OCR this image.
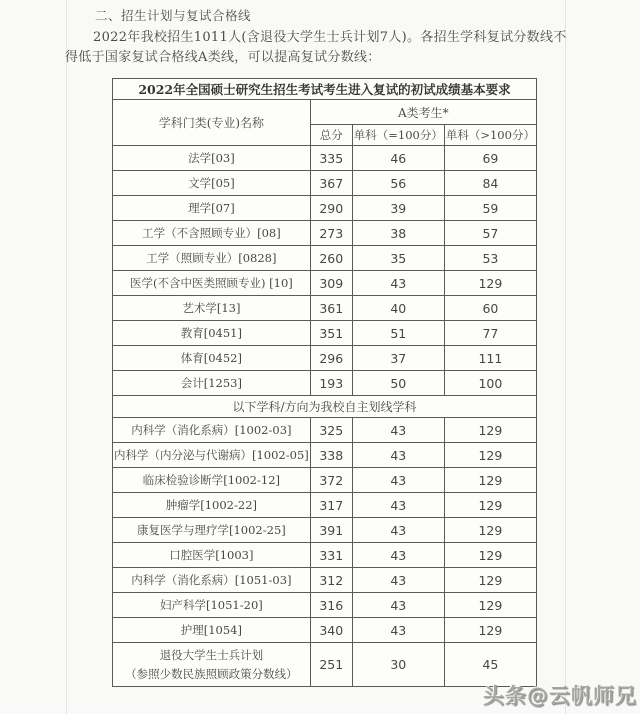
二、招生计划与复试合格线
2022年我校招生1011人(含退役大学生士兵计划7人)。各招生学科复试分数线不
得低于国家复试合格线A类线，可以提高复试分数线：
2022年全国硕士研究生招生考试考生进入复试的初试成绩基本要求			
学科门类(专业)名称	A类考生*		
	总分	单科（=100分）	单科（>100分）
法学[03]	335	46	69
文学[05]	367	56	84
理学[07]	290	39	59
工学（不含照顾专业）[08]	273	38	57
工学（照顾专业）[0828]	260	35	53
医学(不含中医类照顾专业) [10]	309	43	129
艺术学[13]	361	40	60
教育[0451]	351	51	77
体育[0452]	296	37	111
会计[1253]	193	50	100
以下学科/方向为我校自主划线学科			
内科学（消化系病）[1002-03]	325	43	129
内科学（内分泌与代谢病）[1002-05]	338	43	129
临床检验诊断学[1002-12]	372	43	129
肿瘤学[1002-22]	317	43	129
康复医学与理疗学[1002-25]	391	43	129
口腔医学[1003]	331	43	129
内科学（消化系病）[1051-03]	312	43	129
妇产科学[1051-20]	316	43	129
护理[1054]	340	43	129

退役大学生士兵计划
（参照少数民族照顾政策分数线）	251	30	45
头条@云帆师兄
